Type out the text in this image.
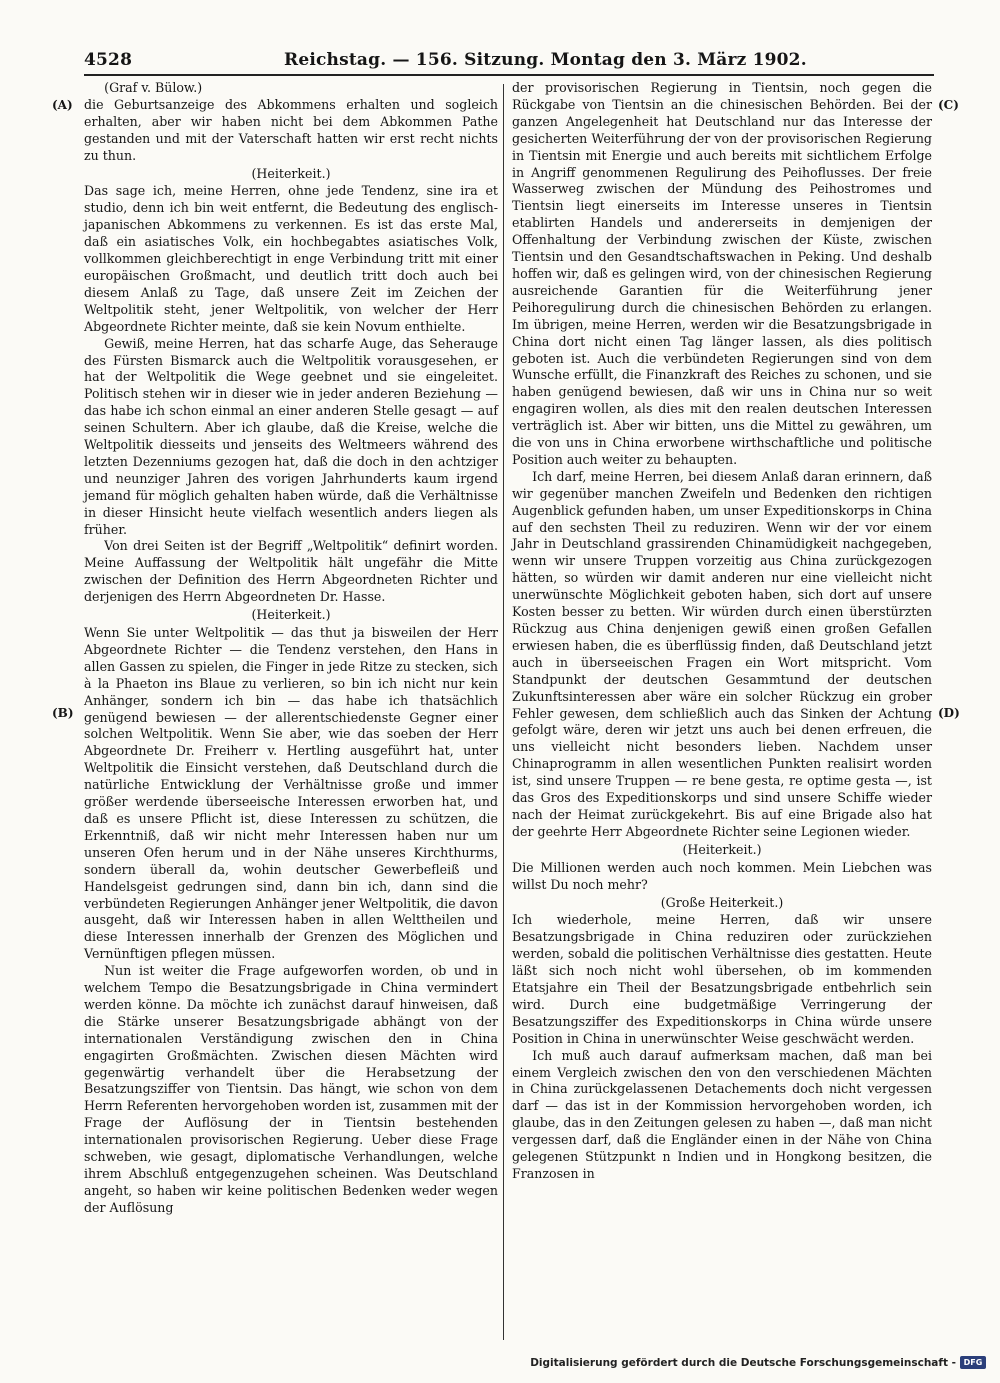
4528	Reichstag. — 156. Sitzung. Montag den 3. März 1902.
(A)
(B)
(C)
(D)

(Graf v. Bülow.)

die Geburtsanzeige des Abkommens erhalten und sogleich erhalten, aber wir haben nicht bei dem Abkommen Pathe gestanden und mit der Vaterschaft hatten wir erst recht nichts zu thun.

(Heiterkeit.)

Das sage ich, meine Herren, ohne jede Tendenz, sine ira et studio, denn ich bin weit entfernt, die Bedeutung des englisch-japanischen Abkommens zu verkennen. Es ist das erste Mal, daß ein asiatisches Volk, ein hochbegabtes asiatisches Volk, vollkommen gleichberechtigt in enge Verbindung tritt mit einer europäischen Großmacht, und deutlich tritt doch auch bei diesem Anlaß zu Tage, daß unsere Zeit im Zeichen der Weltpolitik steht, jener Weltpolitik, von welcher der Herr Abgeordnete Richter meinte, daß sie kein Novum enthielte.

Gewiß, meine Herren, hat das scharfe Auge, das Seherauge des Fürsten Bismarck auch die Weltpolitik vorausgesehen, er hat der Weltpolitik die Wege geebnet und sie eingeleitet. Politisch stehen wir in dieser wie in jeder anderen Beziehung — das habe ich schon einmal an einer anderen Stelle gesagt — auf seinen Schultern. Aber ich glaube, daß die Kreise, welche die Weltpolitik diesseits und jenseits des Weltmeers während des letzten Dezenniums gezogen hat, daß die doch in den achtziger und neunziger Jahren des vorigen Jahrhunderts kaum irgend jemand für möglich gehalten haben würde, daß die Verhältnisse in dieser Hinsicht heute vielfach wesentlich anders liegen als früher.

Von drei Seiten ist der Begriff „Weltpolitik“ definirt worden. Meine Auffassung der Weltpolitik hält ungefähr die Mitte zwischen der Definition des Herrn Abgeordneten Richter und derjenigen des Herrn Abgeordneten Dr. Hasse.

(Heiterkeit.)

Wenn Sie unter Weltpolitik — das thut ja bisweilen der Herr Abgeordnete Richter — die Tendenz verstehen, den Hans in allen Gassen zu spielen, die Finger in jede Ritze zu stecken, sich à la Phaeton ins Blaue zu verlieren, so bin ich nicht nur kein Anhänger, sondern ich bin — das habe ich thatsächlich genügend bewiesen — der allerentschiedenste Gegner einer solchen Weltpolitik. Wenn Sie aber, wie das soeben der Herr Abgeordnete Dr. Freiherr v. Hertling ausgeführt hat, unter Weltpolitik die Einsicht verstehen, daß Deutschland durch die natürliche Entwicklung der Verhältnisse große und immer größer werdende überseeische Interessen erworben hat, und daß es unsere Pflicht ist, diese Interessen zu schützen, die Erkenntniß, daß wir nicht mehr Interessen haben nur um unseren Ofen herum und in der Nähe unseres Kirchthurms, sondern überall da, wohin deutscher Gewerbefleiß und Handelsgeist gedrungen sind, dann bin ich, dann sind die verbündeten Regierungen Anhänger jener Weltpolitik, die davon ausgeht, daß wir Interessen haben in allen Welttheilen und diese Interessen innerhalb der Grenzen des Möglichen und Vernünftigen pflegen müssen.

Nun ist weiter die Frage aufgeworfen worden, ob und in welchem Tempo die Besatzungsbrigade in China vermindert werden könne. Da möchte ich zunächst darauf hinweisen, daß die Stärke unserer Besatzungsbrigade abhängt von der internationalen Verständigung zwischen den in China engagirten Großmächten. Zwischen diesen Mächten wird gegenwärtig verhandelt über die Herabsetzung der Besatzungsziffer von Tientsin. Das hängt, wie schon von dem Herrn Referenten hervorgehoben worden ist, zusammen mit der Frage der Auflösung der in Tientsin bestehenden internationalen provisorischen Regierung. Ueber diese Frage schweben, wie gesagt, diplomatische Verhandlungen, welche ihrem Abschluß entgegenzugehen scheinen. Was Deutschland angeht, so haben wir keine politischen Bedenken weder wegen der Auflösung

der provisorischen Regierung in Tientsin, noch gegen die Rückgabe von Tientsin an die chinesischen Behörden. Bei der ganzen Angelegenheit hat Deutschland nur das Interesse der gesicherten Weiterführung der von der provisorischen Regierung in Tientsin mit Energie und auch bereits mit sichtlichem Erfolge in Angriff genommenen Regulirung des Peihoflusses. Der freie Wasserweg zwischen der Mündung des Peihostromes und Tientsin liegt einerseits im Interesse unseres in Tientsin etablirten Handels und andererseits in demjenigen der Offenhaltung der Verbindung zwischen der Küste, zwischen Tientsin und den Gesandtschaftswachen in Peking. Und deshalb hoffen wir, daß es gelingen wird, von der chinesischen Regierung ausreichende Garantien für die Weiterführung jener Peihoregulirung durch die chinesischen Behörden zu erlangen. Im übrigen, meine Herren, werden wir die Besatzungsbrigade in China dort nicht einen Tag länger lassen, als dies politisch geboten ist. Auch die verbündeten Regierungen sind von dem Wunsche erfüllt, die Finanzkraft des Reiches zu schonen, und sie haben genügend bewiesen, daß wir uns in China nur so weit engagiren wollen, als dies mit den realen deutschen Interessen verträglich ist. Aber wir bitten, uns die Mittel zu gewähren, um die von uns in China erworbene wirthschaftliche und politische Position auch weiter zu behaupten.

Ich darf, meine Herren, bei diesem Anlaß daran erinnern, daß wir gegenüber manchen Zweifeln und Bedenken den richtigen Augenblick gefunden haben, um unser Expeditionskorps in China auf den sechsten Theil zu reduziren. Wenn wir der vor einem Jahr in Deutschland grassirenden Chinamüdigkeit nachgegeben, wenn wir unsere Truppen vorzeitig aus China zurückgezogen hätten, so würden wir damit anderen nur eine vielleicht nicht unerwünschte Möglichkeit geboten haben, sich dort auf unsere Kosten besser zu betten. Wir würden durch einen überstürzten Rückzug aus China denjenigen gewiß einen großen Gefallen erwiesen haben, die es überflüssig finden, daß Deutschland jetzt auch in überseeischen Fragen ein Wort mitspricht. Vom Standpunkt der deutschen Gesammtund der deutschen Zukunftsinteressen aber wäre ein solcher Rückzug ein grober Fehler gewesen, dem schließlich auch das Sinken der Achtung gefolgt wäre, deren wir jetzt uns auch bei denen erfreuen, die uns vielleicht nicht besonders lieben. Nachdem unser Chinaprogramm in allen wesentlichen Punkten realisirt worden ist, sind unsere Truppen — re bene gesta, re optime gesta —, ist das Gros des Expeditionskorps und sind unsere Schiffe wieder nach der Heimat zurückgekehrt. Bis auf eine Brigade also hat der geehrte Herr Abgeordnete Richter seine Legionen wieder.

(Heiterkeit.)

Die Millionen werden auch noch kommen. Mein Liebchen was willst Du noch mehr?

(Große Heiterkeit.)

Ich wiederhole, meine Herren, daß wir unsere Besatzungsbrigade in China reduziren oder zurückziehen werden, sobald die politischen Verhältnisse dies gestatten. Heute läßt sich noch nicht wohl übersehen, ob im kommenden Etatsjahre ein Theil der Besatzungsbrigade entbehrlich sein wird. Durch eine budgetmäßige Verringerung der Besatzungsziffer des Expeditionskorps in China würde unsere Position in China in unerwünschter Weise geschwächt werden.

Ich muß auch darauf aufmerksam machen, daß man bei einem Vergleich zwischen den von den verschiedenen Mächten in China zurückgelassenen Detachements doch nicht vergessen darf — das ist in der Kommission hervorgehoben worden, ich glaube, das in den Zeitungen gelesen zu haben —, daß man nicht vergessen darf, daß die Engländer einen in der Nähe von China gelegenen Stützpunkt n Indien und in Hongkong besitzen, die Franzosen in

Digitalisierung gefördert durch die Deutsche Forschungsgemeinschaft - DFG
